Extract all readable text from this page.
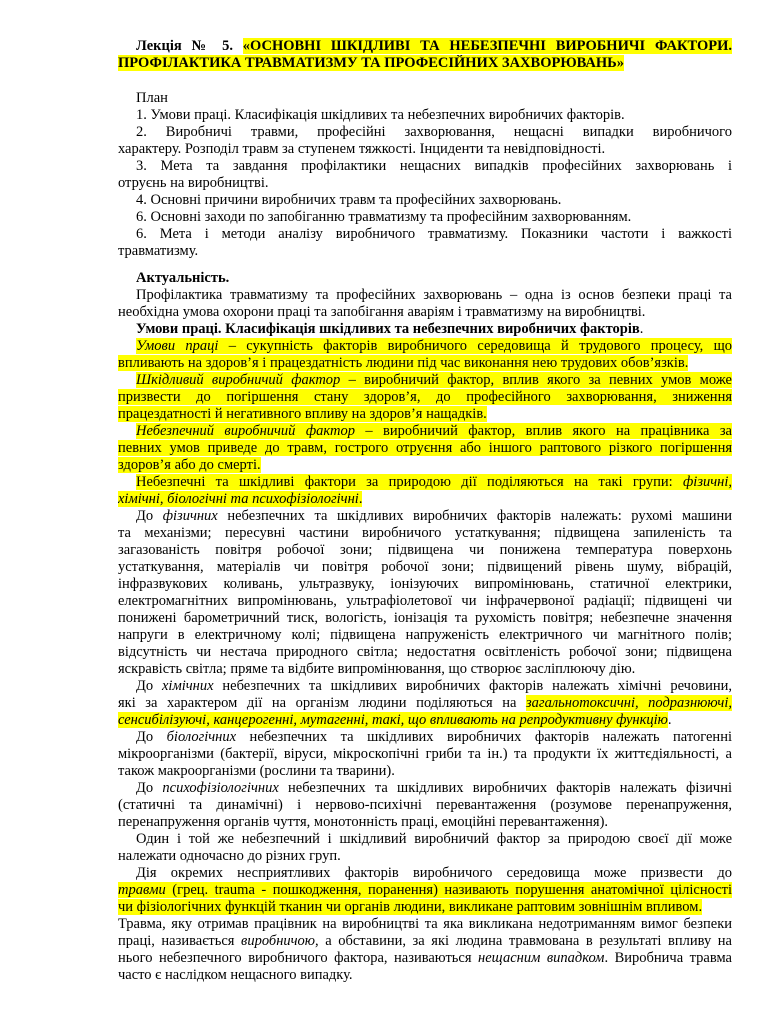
Лекція № 5. «ОСНОВНІ ШКІДЛИВІ ТА НЕБЕЗПЕЧНІ ВИРОБНИЧІ ФАКТОРИ.
ПРОФІЛАКТИКА ТРАВМАТИЗМУ ТА ПРОФЕСІЙНИХ ЗАХВОРЮВАНЬ»
План
1. Умови праці. Класифікація шкідливих та небезпечних виробничих факторів.
2. Виробничі травми, професійні захворювання, нещасні випадки виробничого
характеру. Розподіл травм за ступенем тяжкості. Інциденти та невідповідності.
3. Мета та завдання профілактики нещасних випадків професійних захворювань і
отруєнь на виробництві.
4. Основні причини виробничих травм та професійних захворювань.
6. Основні заходи по запобіганню травматизму та професійним захворюванням.
6. Мета і методи аналізу виробничого травматизму. Показники частоти і важкості
травматизму.
Актуальність.
Профілактика травматизму та професійних захворювань – одна із основ безпеки праці та
необхідна умова охорони праці та запобігання аваріям і травматизму на виробництві.
Умови праці. Класифікація шкідливих та небезпечних виробничих факторів.
Умови праці – сукупність факторів виробничого середовища й трудового процесу, що
впливають на здоров’я і працездатність людини під час виконання нею трудових обов’язків.
Шкідливий виробничий фактор – виробничий фактор, вплив якого за певних умов може
призвести до погіршення стану здоров’я, до професійного захворювання, зниження
працездатності й негативного впливу на здоров’я нащадків.
Небезпечний виробничий фактор – виробничий фактор, вплив якого на працівника за
певних умов приведе до травм, гострого отруєння або іншого раптового різкого погіршення
здоров’я або до смерті.
Небезпечні та шкідливі фактори за природою дії поділяються на такі групи: фізичні,
хімічні, біологічні та психофізіологічні.
До фізичних небезпечних та шкідливих виробничих факторів належать: рухомі машини
та механізми; пересувні частини виробничого устаткування; підвищена запиленість та
загазованість повітря робочої зони; підвищена чи понижена температура поверхонь
устаткування, матеріалів чи повітря робочої зони; підвищений рівень шуму, вібрацій,
інфразвукових коливань, ультразвуку, іонізуючих випромінювань, статичної електрики,
електромагнітних випромінювань, ультрафіолетової чи інфрачервоної радіації; підвищені чи
понижені барометричний тиск, вологість, іонізація та рухомість повітря; небезпечне значення
напруги в електричному колі; підвищена напруженість електричного чи магнітного полів;
відсутність чи нестача природного світла; недостатня освітленість робочої зони; підвищена
яскравість світла; пряме та відбите випромінювання, що створює засліплюючу дію.
До хімічних небезпечних та шкідливих виробничих факторів належать хімічні речовини,
які за характером дії на організм людини поділяються на загальнотоксичні, подразнюючі,
сенсибілізуючі, канцерогенні, мутагенні, такі, що впливають на репродуктивну функцію.
До біологічних небезпечних та шкідливих виробничих факторів належать патогенні
мікроорганізми (бактерії, віруси, мікроскопічні гриби та ін.) та продукти їх життєдіяльності, а
також макроорганізми (рослини та тварини).
До психофізіологічних небезпечних та шкідливих виробничих факторів належать фізичні
(статичні та динамічні) і нервово-психічні перевантаження (розумове перенапруження,
перенапруження органів чуття, монотонність праці, емоційні перевантаження).
Один і той же небезпечний і шкідливий виробничий фактор за природою своєї дії може
належати одночасно до різних груп.
Дія окремих несприятливих факторів виробничого середовища може призвести до
травми (грец. trauma - пошкодження, поранення) називають порушення анатомічної цілісності
чи фізіологічних функцій тканин чи органів людини, викликане раптовим зовнішнім впливом.
Травма, яку отримав працівник на виробництві та яка викликана недотриманням вимог безпеки
праці, називається виробничою, а обставини, за які людина травмована в результаті впливу на
нього небезпечного виробничого фактора, називаються нещасним випадком. Виробнича травма
часто є наслідком нещасного випадку.
